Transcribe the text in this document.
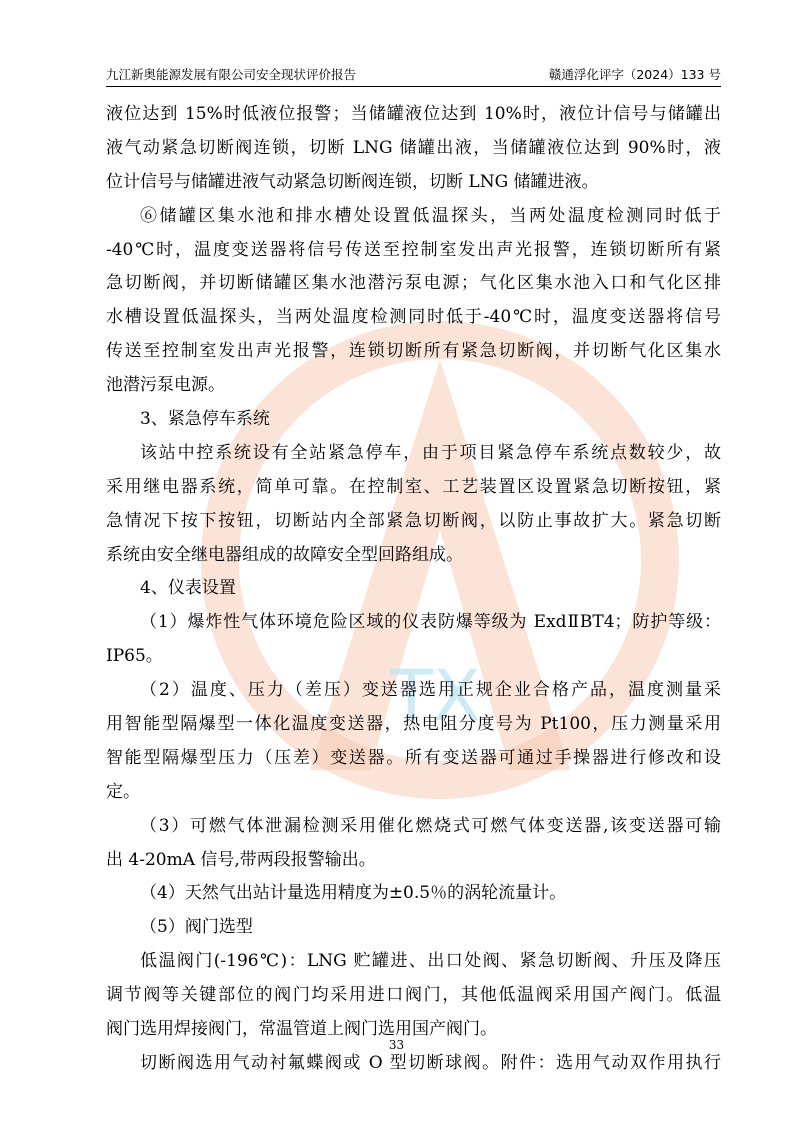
TX
九江新奥能源发展有限公司安全现状评价报告	赣通浮化评字（2024）133 号
液位达到 15%时低液位报警；当储罐液位达到 10%时，液位计信号与储罐出
液气动紧急切断阀连锁，切断 LNG 储罐出液，当储罐液位达到 90%时，液
位计信号与储罐进液气动紧急切断阀连锁，切断 LNG 储罐进液。
⑥储罐区集水池和排水槽处设置低温探头，当两处温度检测同时低于
-40℃时，温度变送器将信号传送至控制室发出声光报警，连锁切断所有紧
急切断阀，并切断储罐区集水池潜污泵电源；气化区集水池入口和气化区排
水槽设置低温探头，当两处温度检测同时低于-40℃时，温度变送器将信号
传送至控制室发出声光报警，连锁切断所有紧急切断阀，并切断气化区集水
池潜污泵电源。
3、紧急停车系统
该站中控系统设有全站紧急停车，由于项目紧急停车系统点数较少，故
采用继电器系统，简单可靠。在控制室、工艺装置区设置紧急切断按钮，紧
急情况下按下按钮，切断站内全部紧急切断阀，以防止事故扩大。紧急切断
系统由安全继电器组成的故障安全型回路组成。
4、仪表设置
（1）爆炸性气体环境危险区域的仪表防爆等级为 ExdⅡBT4；防护等级：
IP65。
（2）温度、压力（差压）变送器选用正规企业合格产品，温度测量采
用智能型隔爆型一体化温度变送器，热电阻分度号为 Pt100，压力测量采用
智能型隔爆型压力（压差）变送器。所有变送器可通过手操器进行修改和设
定。
（3）可燃气体泄漏检测采用催化燃烧式可燃气体变送器,该变送器可输
出 4-20mA 信号,带两段报警输出。
（4）天然气出站计量选用精度为±0.5％的涡轮流量计。
（5）阀门选型
低温阀门(-196℃)：LNG 贮罐进、出口处阀、紧急切断阀、升压及降压
调节阀等关键部位的阀门均采用进口阀门，其他低温阀采用国产阀门。低温
阀门选用焊接阀门，常温管道上阀门选用国产阀门。
切断阀选用气动衬氟蝶阀或 O 型切断球阀。附件：选用气动双作用执行
33
